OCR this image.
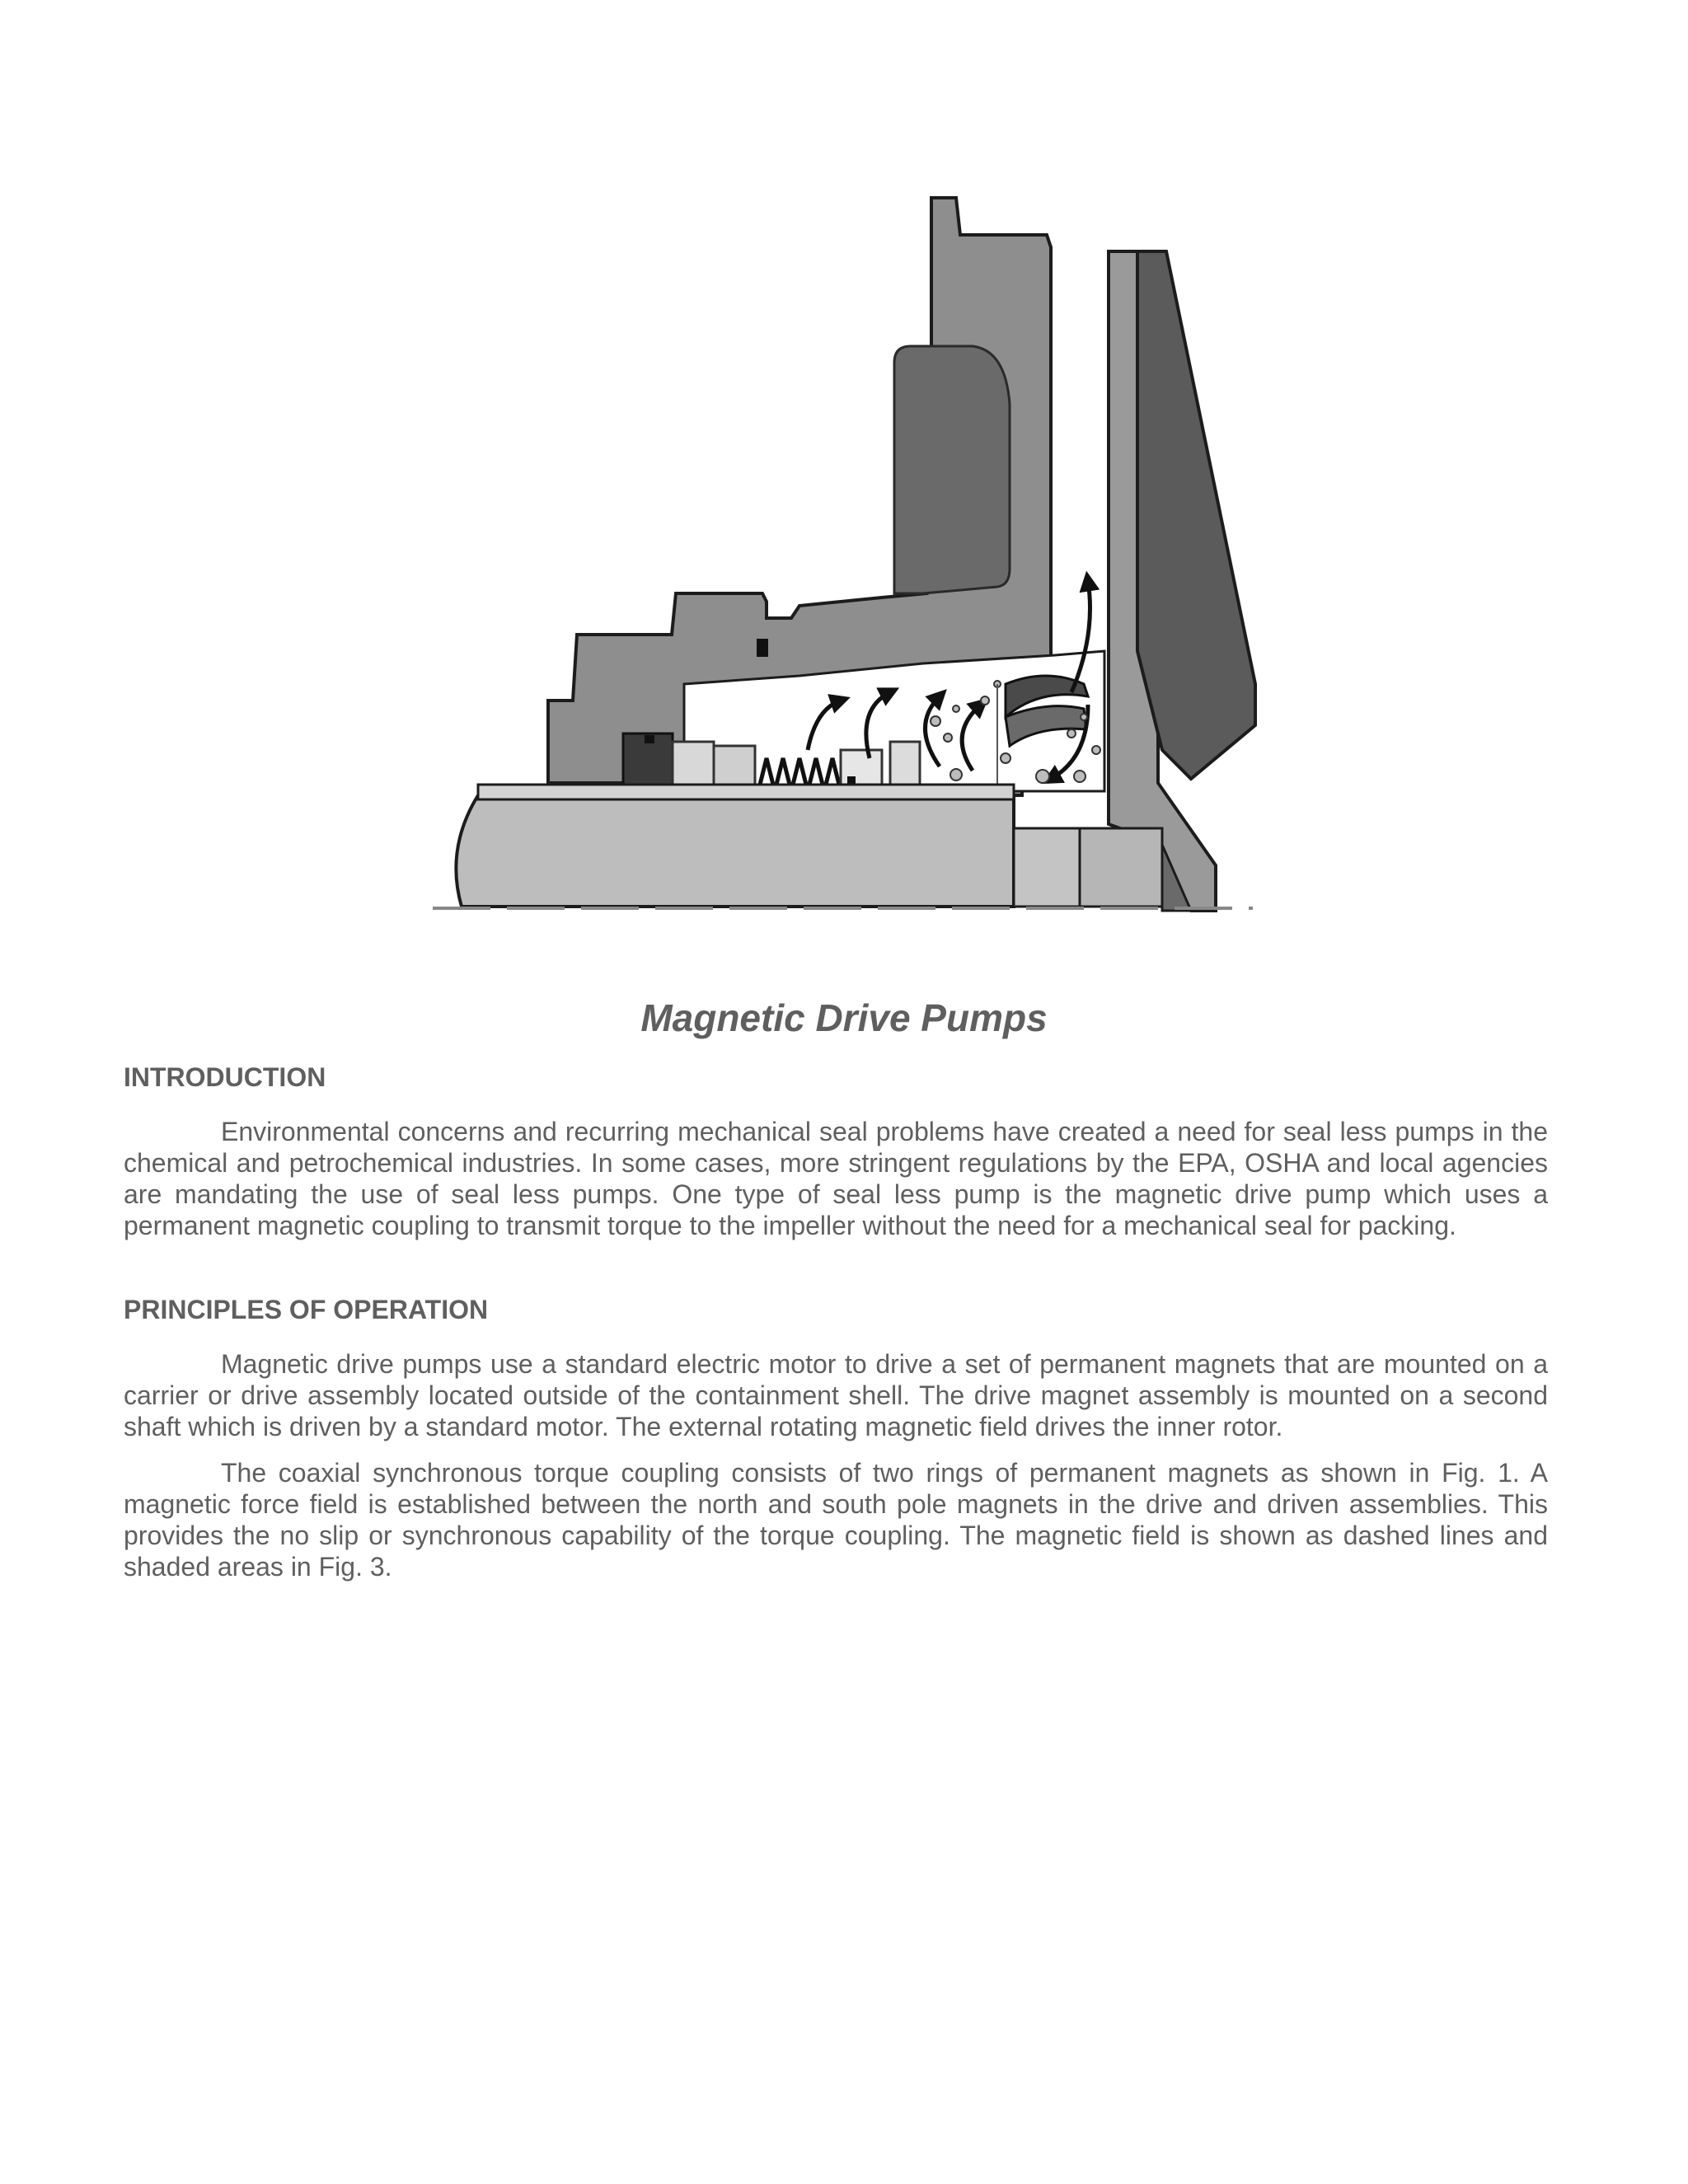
Magnetic Drive Pumps
INTRODUCTION

Environmental concerns and recurring mechanical seal problems have created a need for seal less pumps in the chemical and petrochemical industries. In some cases, more stringent regulations by the EPA, OSHA and local agencies are mandating the use of seal less pumps. One type of seal less pump is the magnetic drive pump which uses a permanent magnetic coupling to transmit torque to the impeller without the need for a mechanical seal for packing.

PRINCIPLES OF OPERATION

Magnetic drive pumps use a standard electric motor to drive a set of permanent magnets that are mounted on a carrier or drive assembly located outside of the containment shell. The drive magnet assembly is mounted on a second shaft which is driven by a standard motor. The external rotating magnetic field drives the inner rotor.

The coaxial synchronous torque coupling consists of two rings of permanent magnets as shown in Fig. 1. A magnetic force field is established between the north and south pole magnets in the drive and driven assemblies. This provides the no slip or synchronous capability of the torque coupling. The magnetic field is shown as dashed lines and shaded areas in Fig. 3.
